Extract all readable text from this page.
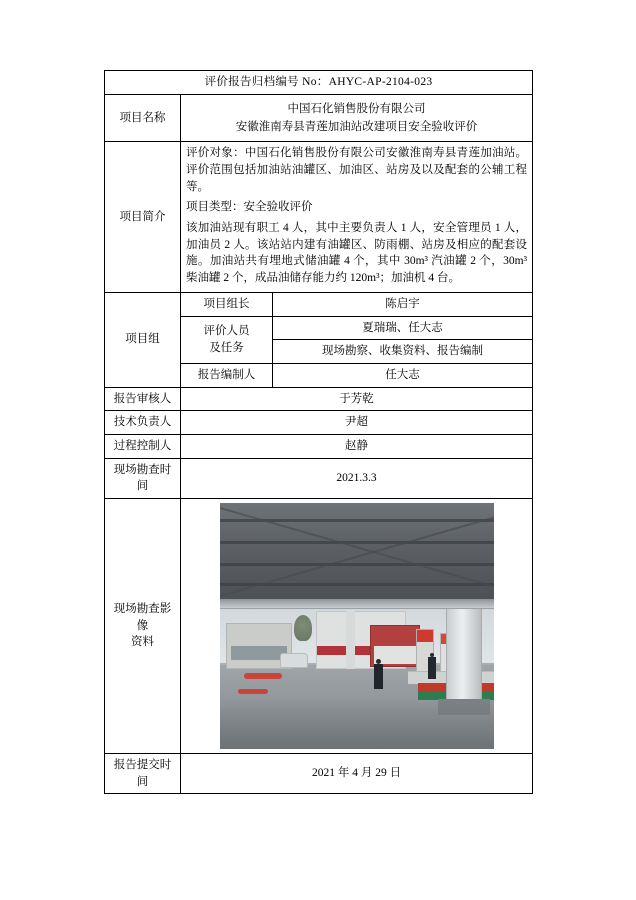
评价报告归档编号 No：AHYC-AP-2104-023		
项目名称	中国石化销售股份有限公司
安徽淮南寿县青莲加油站改建项目安全验收评价	

项目简介	评价对象：中国石化销售股份有限公司安徽淮南寿县青莲加油站。评价范围包括加油站油罐区、加油区、站房及以及配套的公辅工程等。

项目类型：安全验收评价

该加油站现有职工 4 人，其中主要负责人 1 人，安全管理员 1 人，加油员 2 人。该站站内建有油罐区、防雨棚、站房及相应的配套设施。加油站共有埋地式储油罐 4 个，其中 30m³ 汽油罐 2 个，30m³ 柴油罐 2 个，成品油储存能力约 120m³；加油机 4 台。	

项目组	项目组长	陈启宇

	评价人员
及任务	夏瑞瑞、任大志
		现场勘察、收集资料、报告编制
	报告编制人	任大志
报告审核人	于芳乾	
技术负责人	尹超	
过程控制人	赵静	
现场勘查时间	2021.3.3	

现场勘查影像
资料		

报告提交时间	2021 年 4 月 29 日	
